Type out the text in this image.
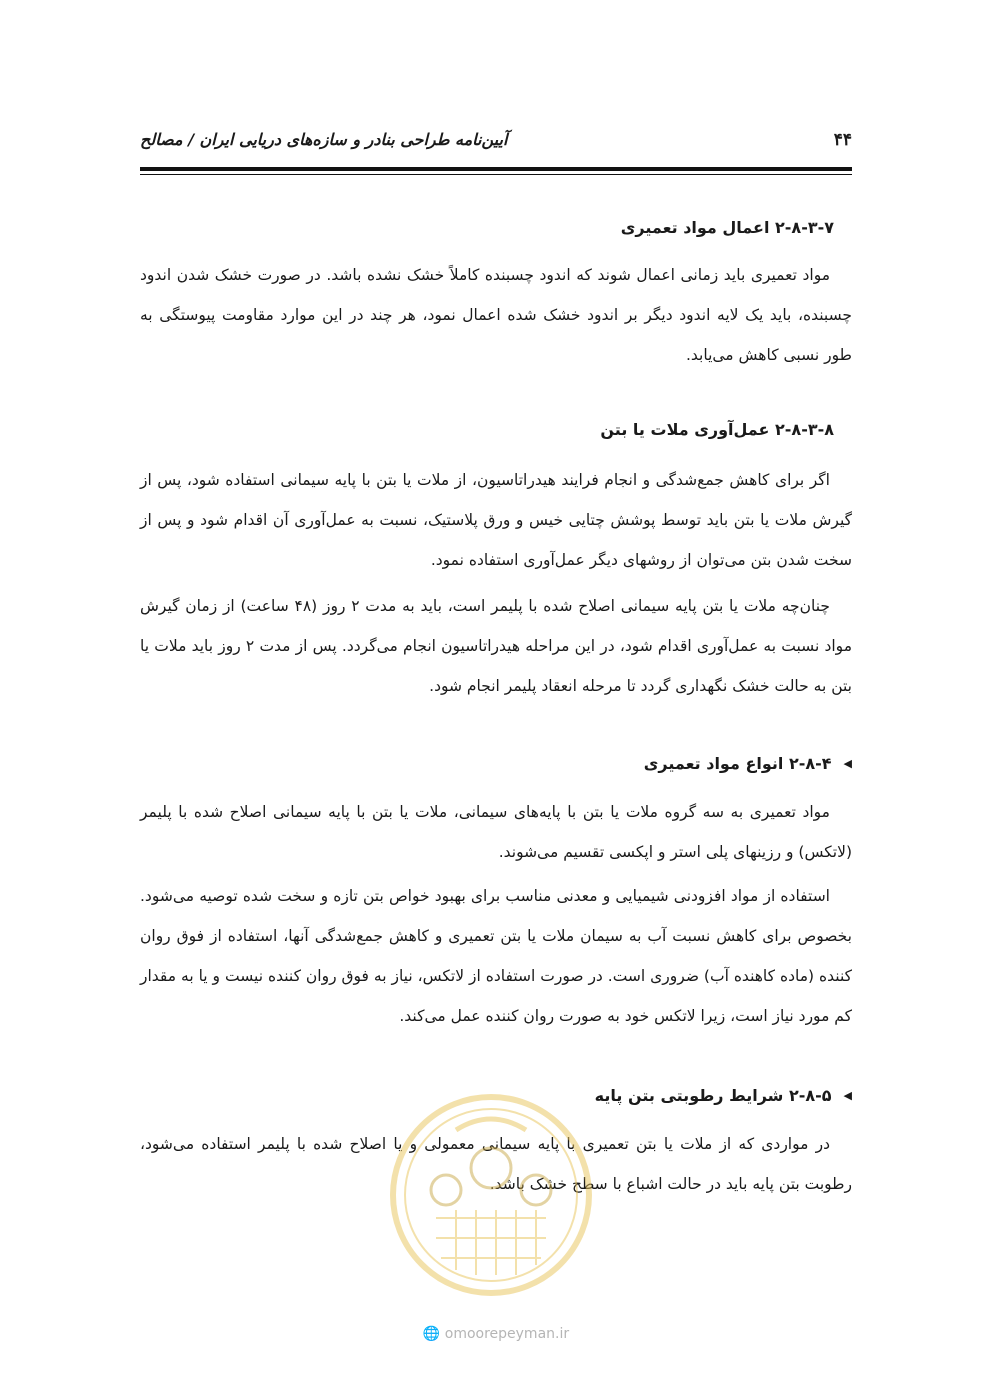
آیین‌نامه طراحی بنادر و سازه‌های دریایی ایران / مصالح	۴۴
۲-۸-۳-۷ اعمال مواد تعمیری
مواد تعمیری باید زمانی اعمال شوند که اندود چسبنده کاملاً خشک نشده باشد. در صورت خشک شدن اندود چسبنده، باید یک لایه اندود دیگر بر اندود خشک شده اعمال نمود، هر چند در این موارد مقاومت پیوستگی به طور نسبی کاهش می‌یابد.
۲-۸-۳-۸ عمل‌آوری ملات یا بتن
اگر برای کاهش جمع‌شدگی و انجام فرایند هیدراتاسیون، از ملات یا بتن با پایه سیمانی استفاده شود، پس از گیرش ملات یا بتن باید توسط پوشش چتایی خیس و ورق پلاستیک، نسبت به عمل‌آوری آن اقدام شود و پس از سخت شدن بتن می‌توان از روشهای دیگر عمل‌آوری استفاده نمود.
چنان‌چه ملات یا بتن پایه سیمانی اصلاح شده با پلیمر است، باید به مدت ۲ روز (۴۸ ساعت) از زمان گیرش مواد نسبت به عمل‌آوری اقدام شود، در این مراحله هیدراتاسیون انجام می‌گردد. پس از مدت ۲ روز باید ملات یا بتن به حالت خشک نگهداری گردد تا مرحله انعقاد پلیمر انجام شود.
◀۲-۸-۴ انواع مواد تعمیری
مواد تعمیری به سه گروه ملات یا بتن با پایه‌های سیمانی، ملات یا بتن با پایه سیمانی اصلاح شده با پلیمر (لاتکس) و رزینهای پلی استر و اپکسی تقسیم می‌شوند.
استفاده از مواد افزودنی شیمیایی و معدنی مناسب برای بهبود خواص بتن تازه و سخت شده توصیه می‌شود. بخصوص برای کاهش نسبت آب به سیمان ملات یا بتن تعمیری و کاهش جمع‌شدگی آنها، استفاده از فوق روان کننده (ماده کاهنده آب) ضروری است. در صورت استفاده از لاتکس، نیاز به فوق روان کننده نیست و یا به مقدار کم مورد نیاز است، زیرا لاتکس خود به صورت روان کننده عمل می‌کند.
◀۲-۸-۵ شرایط رطوبتی بتن پایه
در مواردی که از ملات یا بتن تعمیری با پایه سیمانی معمولی و یا اصلاح شده با پلیمر استفاده می‌شود، رطوبت بتن پایه باید در حالت اشباع با سطح خشک باشد.
🌐 omoorepeyman.ir
